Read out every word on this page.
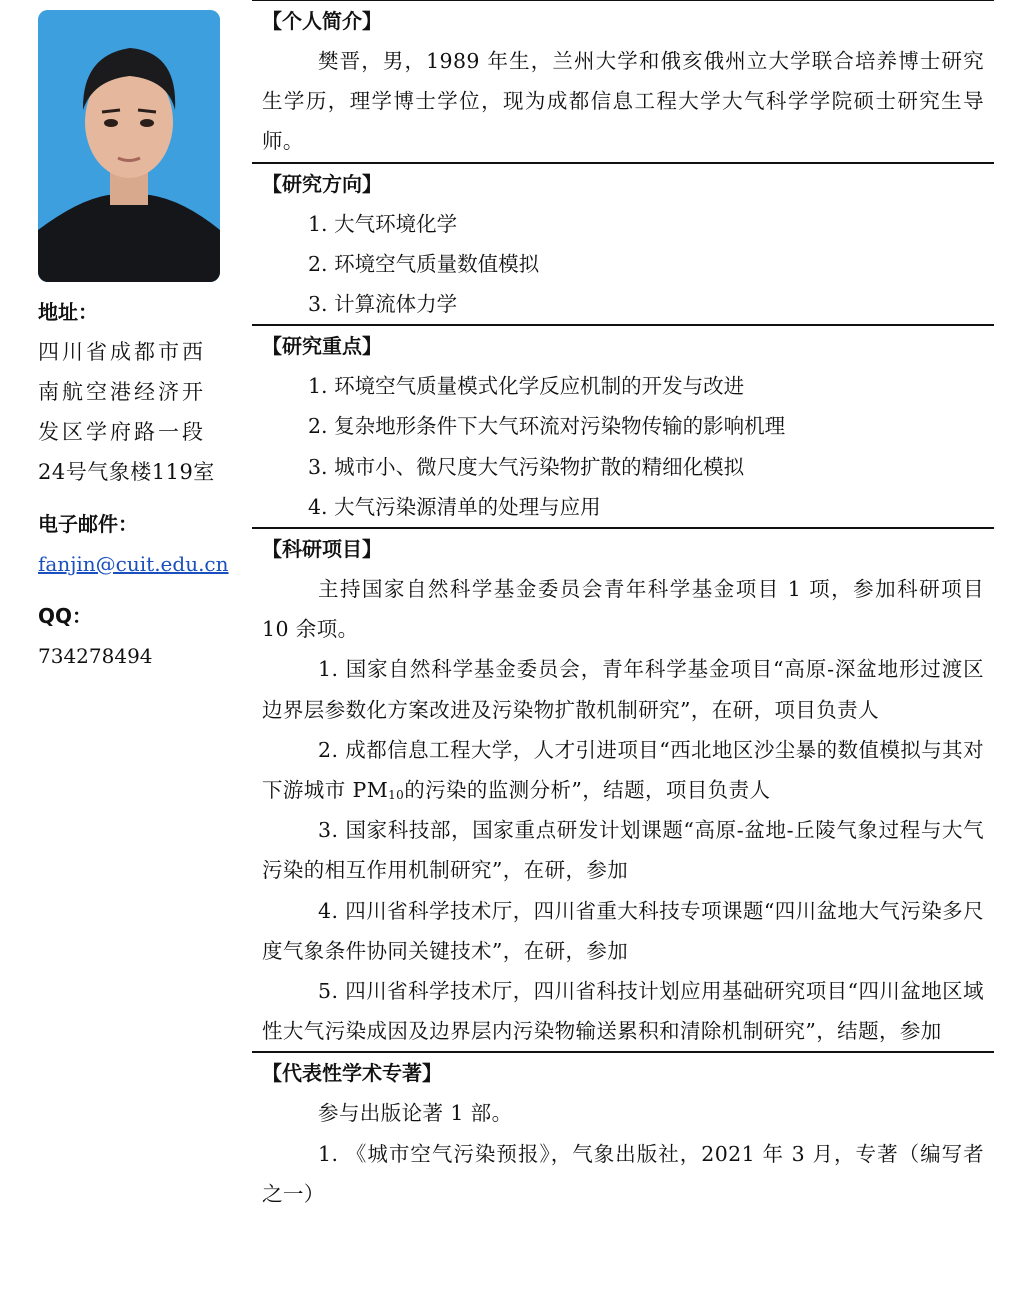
地址：
四川省成都市西
南航空港经济开
发区学府路一段
24号气象楼119室
电子邮件：
fanjin@cuit.edu.cn
QQ：
734278494
【个人简介】
樊晋，男，1989 年生，兰州大学和俄亥俄州立大学联合培养博士研究生学历，理学博士学位，现为成都信息工程大学大气科学学院硕士研究生导师。
【研究方向】
1. 大气环境化学
2. 环境空气质量数值模拟
3. 计算流体力学
【研究重点】
1. 环境空气质量模式化学反应机制的开发与改进
2. 复杂地形条件下大气环流对污染物传输的影响机理
3. 城市小、微尺度大气污染物扩散的精细化模拟
4. 大气污染源清单的处理与应用
【科研项目】
主持国家自然科学基金委员会青年科学基金项目 1 项，参加科研项目 10 余项。
1. 国家自然科学基金委员会，青年科学基金项目“高原-深盆地形过渡区边界层参数化方案改进及污染物扩散机制研究”，在研，项目负责人
2. 成都信息工程大学，人才引进项目“西北地区沙尘暴的数值模拟与其对下游城市 $PM_{10}$的污染的监测分析”，结题，项目负责人
3. 国家科技部，国家重点研发计划课题“高原-盆地-丘陵气象过程与大气污染的相互作用机制研究”，在研，参加
4. 四川省科学技术厅，四川省重大科技专项课题“四川盆地大气污染多尺度气象条件协同关键技术”，在研，参加
5. 四川省科学技术厅，四川省科技计划应用基础研究项目“四川盆地区域性大气污染成因及边界层内污染物输送累积和清除机制研究”，结题，参加
【代表性学术专著】
参与出版论著 1 部。
1. 《城市空气污染预报》，气象出版社，2021 年 3 月，专著（编写者之一）
